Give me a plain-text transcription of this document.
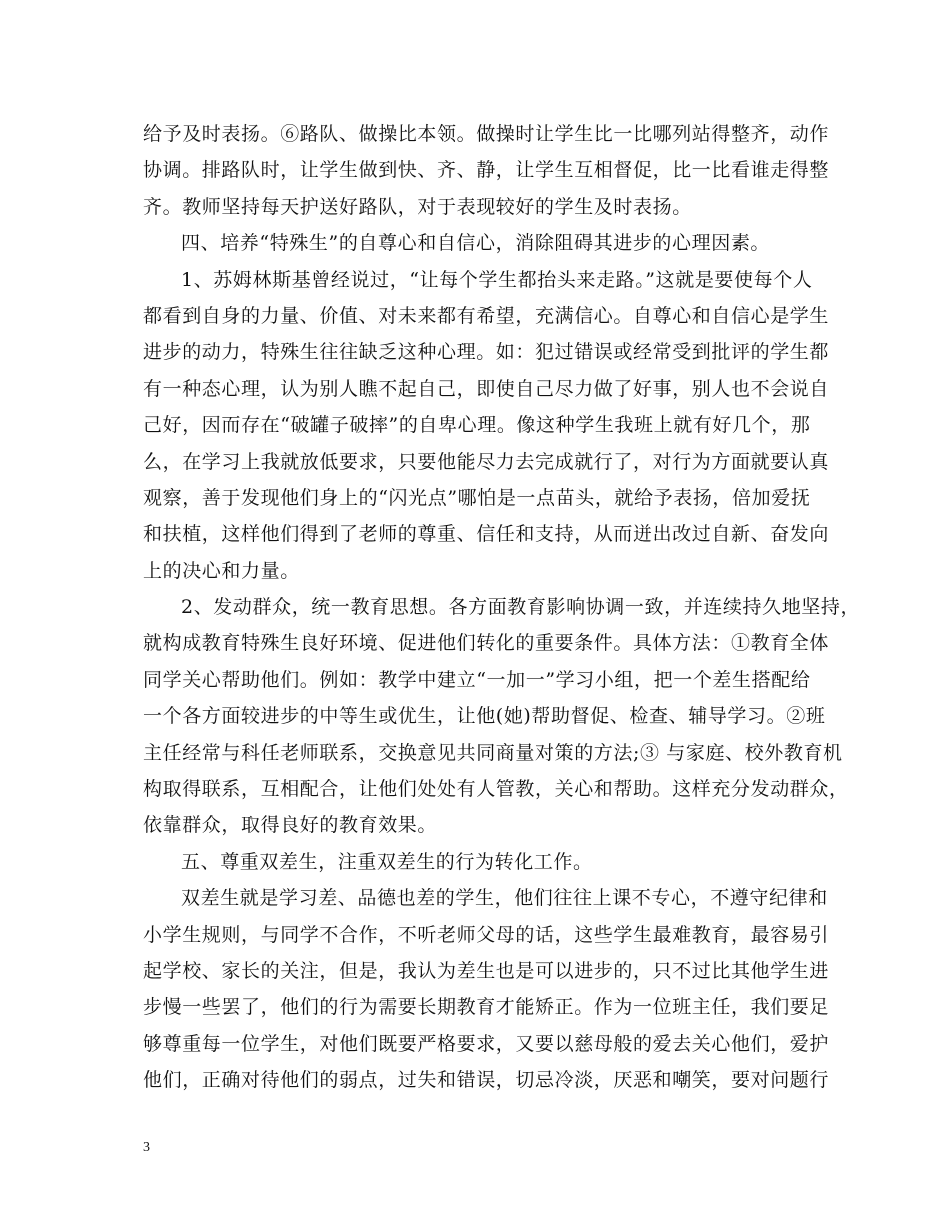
给予及时表扬。⑥路队、做操比本领。做操时让学生比一比哪列站得整齐，动作
协调。排路队时，让学生做到快、齐、静，让学生互相督促，比一比看谁走得整
齐。教师坚持每天护送好路队，对于表现较好的学生及时表扬。
四、培养“特殊生”的自尊心和自信心，消除阻碍其进步的心理因素。
1、苏姆林斯基曾经说过，“让每个学生都抬头来走路。”这就是要使每个人
都看到自身的力量、价值、对未来都有希望，充满信心。自尊心和自信心是学生
进步的动力，特殊生往往缺乏这种心理。如：犯过错误或经常受到批评的学生都
有一种态心理，认为别人瞧不起自己，即使自己尽力做了好事，别人也不会说自
己好，因而存在“破罐子破摔”的自卑心理。像这种学生我班上就有好几个，那
么，在学习上我就放低要求，只要他能尽力去完成就行了，对行为方面就要认真
观察，善于发现他们身上的“闪光点”哪怕是一点苗头，就给予表扬，倍加爱抚
和扶植，这样他们得到了老师的尊重、信任和支持，从而迸出改过自新、奋发向
上的决心和力量。
2、发动群众，统一教育思想。各方面教育影响协调一致，并连续持久地坚持，
就构成教育特殊生良好环境、促进他们转化的重要条件。具体方法：①教育全体
同学关心帮助他们。例如：教学中建立“一加一”学习小组，把一个差生搭配给
一个各方面较进步的中等生或优生，让他(她)帮助督促、检查、辅导学习。②班
主任经常与科任老师联系，交换意见共同商量对策的方法;③ 与家庭、校外教育机
构取得联系，互相配合，让他们处处有人管教，关心和帮助。这样充分发动群众，
依靠群众，取得良好的教育效果。
五、尊重双差生，注重双差生的行为转化工作。
双差生就是学习差、品德也差的学生，他们往往上课不专心，不遵守纪律和
小学生规则，与同学不合作，不听老师父母的话，这些学生最难教育，最容易引
起学校、家长的关注，但是，我认为差生也是可以进步的，只不过比其他学生进
步慢一些罢了，他们的行为需要长期教育才能矫正。作为一位班主任，我们要足
够尊重每一位学生，对他们既要严格要求，又要以慈母般的爱去关心他们，爱护
他们，正确对待他们的弱点，过失和错误，切忌冷淡，厌恶和嘲笑，要对问题行
3
